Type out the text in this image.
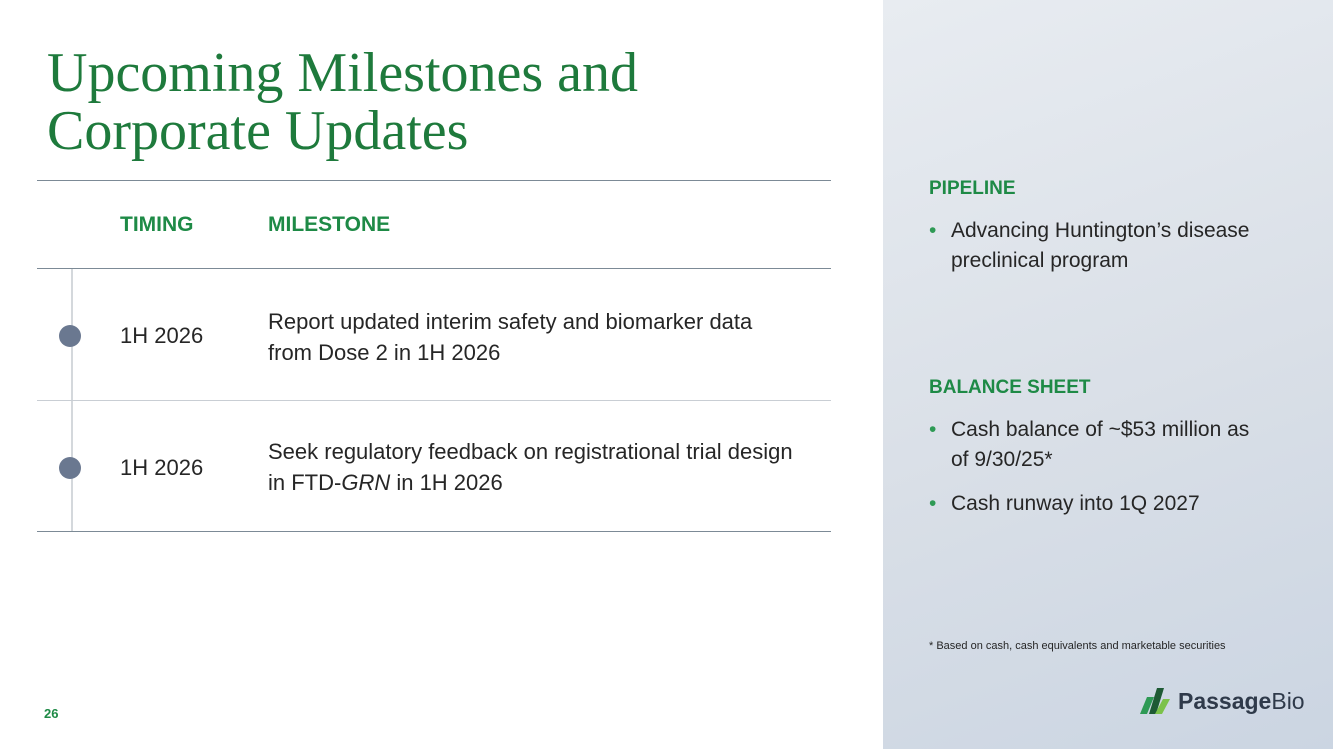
Upcoming Milestones and
Corporate Updates
TIMING	MILESTONE
1H 2026
Report updated interim safety and biomarker data
from Dose 2 in 1H 2026
1H 2026
Seek regulatory feedback on registrational trial design
in FTD-GRN in 1H 2026
26
PIPELINE
• Advancing Huntington’s disease
preclinical program
BALANCE SHEET
• Cash balance of ~$53 million as
of 9/30/25*
• Cash runway into 1Q 2027
* Based on cash, cash equivalents and marketable securities
PassageBio
